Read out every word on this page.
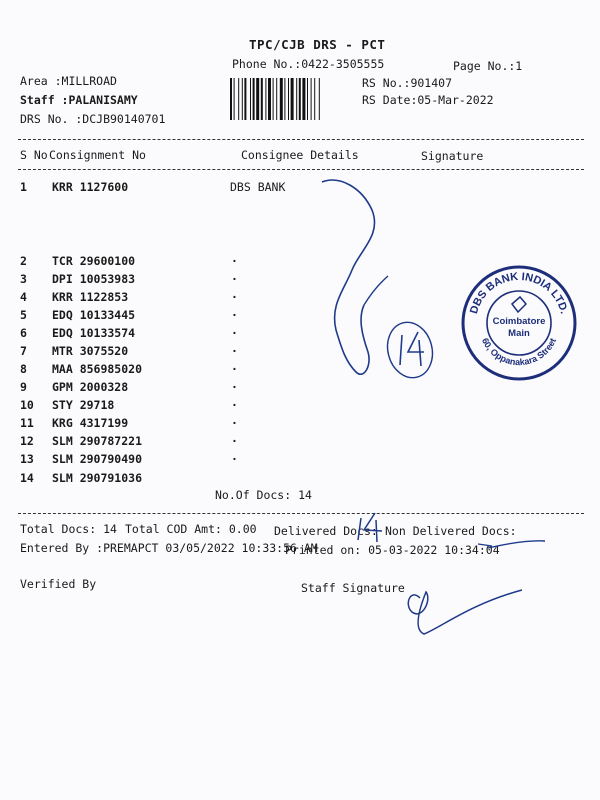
TPC/CJB DRS - PCT
Phone No.:0422-3505555	Page No.:1
Area :MILLROAD
Staff :PALANISAMY
DRS No. :DCJB90140701
RS No.:901407
RS Date:05-Mar-2022
S No Consignment No	Consignee Details	Signature
1	KRR 1127600	DBS BANK
2	TCR 29600100	.
3	DPI 10053983	.
4	KRR 1122853	.
5	EDQ 10133445	.
6	EDQ 10133574	.
7	MTR 3075520	.
8	MAA 856985020	.
9	GPM 2000328	.
10	STY 29718	.
11	KRG 4317199	.
12	SLM 290787221	.
13	SLM 290790490	.
14	SLM 290791036
No.Of Docs: 14
Total Docs: 14 Total COD Amt: 0.00 Delivered Docs: Non Delivered Docs:
Entered By :PREMAPCT 03/05/2022 10:33:56 AM
Printed on: 05-03-2022 10:34:04
Verified By	Staff Signature
DBS BANK INDIA LTD.
60, Oppanakara Street
Coimbatore
Main
